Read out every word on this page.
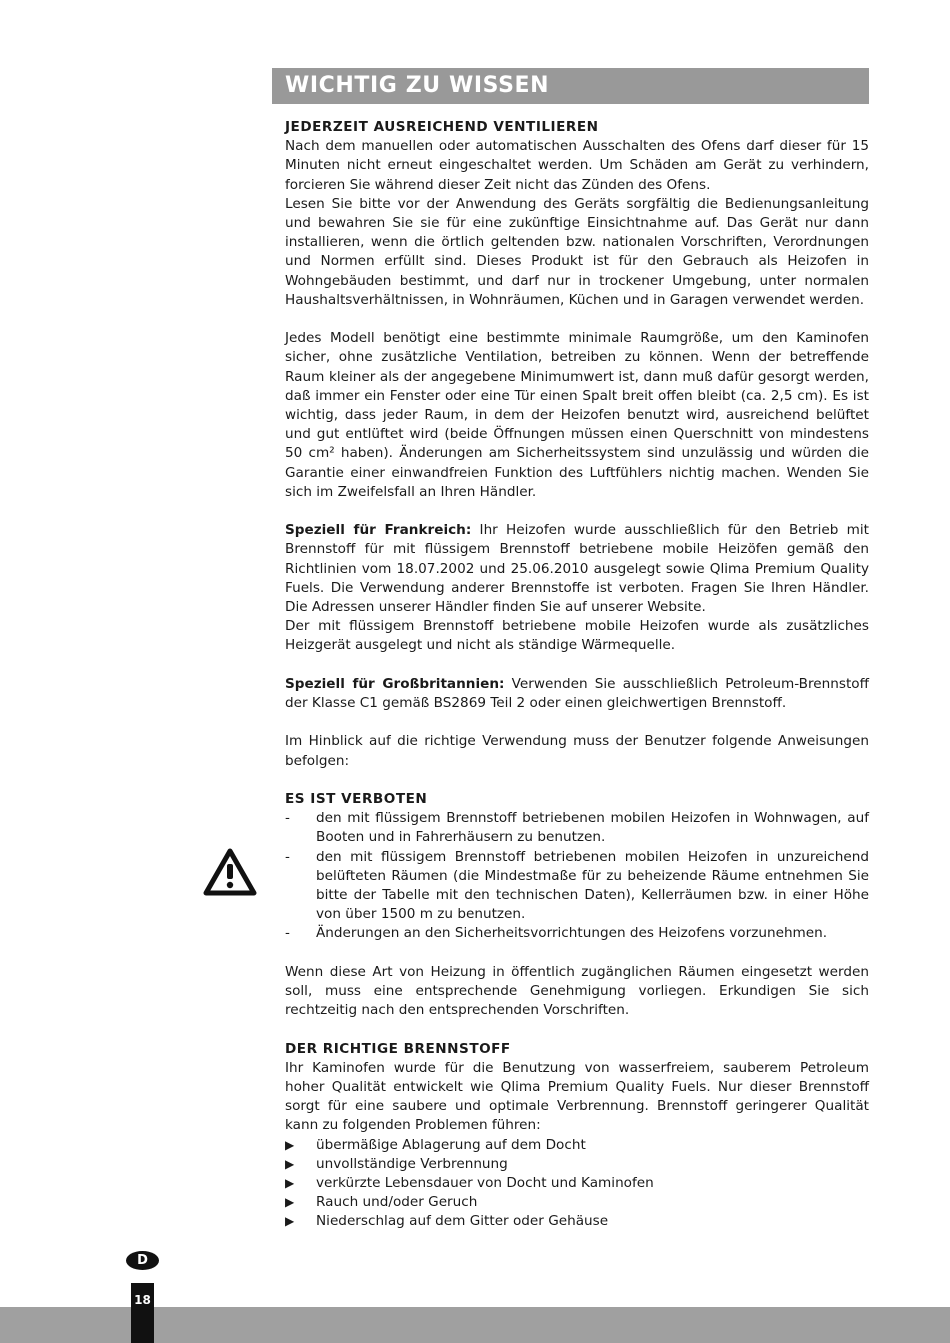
WICHTIG ZU WISSEN

JEDERZEIT AUSREICHEND VENTILIEREN

Nach dem manuellen oder automatischen Ausschalten des Ofens darf dieser für 15 Minuten nicht erneut eingeschaltet werden. Um Schäden am Gerät zu verhindern, forcieren Sie während dieser Zeit nicht das Zünden des Ofens.

Lesen Sie bitte vor der Anwendung des Geräts sorgfältig die Bedienungsanleitung und bewahren Sie sie für eine zukünftige Einsichtnahme auf. Das Gerät nur dann installieren, wenn die örtlich geltenden bzw. nationalen Vorschriften, Verordnungen und Normen erfüllt sind. Dieses Produkt ist für den Gebrauch als Heizofen in Wohngebäuden bestimmt, und darf nur in trockener Umgebung, unter normalen Haushaltsverhältnissen, in Wohnräumen, Küchen und in Garagen verwendet werden.

Jedes Modell benötigt eine bestimmte minimale Raumgröße, um den Kaminofen sicher, ohne zusätzliche Ventilation, betreiben zu können. Wenn der betreffende Raum kleiner als der angegebene Minimumwert ist, dann muß dafür gesorgt werden, daß immer ein Fenster oder eine Tür einen Spalt breit offen bleibt (ca. 2,5 cm). Es ist wichtig, dass jeder Raum, in dem der Heizofen benutzt wird, ausreichend belüftet und gut entlüftet wird (beide Öffnungen müssen einen Querschnitt von mindestens 50 cm² haben). Änderungen am Sicherheitssystem sind unzulässig und würden die Garantie einer einwandfreien Funktion des Luftfühlers nichtig machen. Wenden Sie sich im Zweifelsfall an Ihren Händler.

Speziell für Frankreich: Ihr Heizofen wurde ausschließlich für den Betrieb mit Brennstoff für mit flüssigem Brennstoff betriebene mobile Heizöfen gemäß den Richtlinien vom 18.07.2002 und 25.06.2010 ausgelegt sowie Qlima Premium Quality Fuels. Die Verwendung anderer Brennstoffe ist verboten. Fragen Sie Ihren Händler. Die Adressen unserer Händler finden Sie auf unserer Website.

Der mit flüssigem Brennstoff betriebene mobile Heizofen wurde als zusätzliches Heizgerät ausgelegt und nicht als ständige Wärmequelle.

Speziell für Großbritannien: Verwenden Sie ausschließlich Petroleum-Brennstoff der Klasse C1 gemäß BS2869 Teil 2 oder einen gleichwertigen Brennstoff.

Im Hinblick auf die richtige Verwendung muss der Benutzer folgende Anweisungen befolgen:

ES IST VERBOTEN

- den mit flüssigem Brennstoff betriebenen mobilen Heizofen in Wohnwagen, auf Booten und in Fahrerhäusern zu benutzen.
- den mit flüssigem Brennstoff betriebenen mobilen Heizofen in unzureichend belüfteten Räumen (die Mindestmaße für zu beheizende Räume entnehmen Sie bitte der Tabelle mit den technischen Daten), Kellerräumen bzw. in einer Höhe von über 1500 m zu benutzen.
- Änderungen an den Sicherheitsvorrichtungen des Heizofens vorzunehmen.

Wenn diese Art von Heizung in öffentlich zugänglichen Räumen eingesetzt werden soll, muss eine entsprechende Genehmigung vorliegen. Erkundigen Sie sich rechtzeitig nach den entsprechenden Vorschriften.

DER RICHTIGE BRENNSTOFF

Ihr Kaminofen wurde für die Benutzung von wasserfreiem, sauberem Petroleum hoher Qualität entwickelt wie Qlima Premium Quality Fuels. Nur dieser Brennstoff sorgt für eine saubere und optimale Verbrennung. Brennstoff geringerer Qualität kann zu folgenden Problemen führen:

▶ übermäßige Ablagerung auf dem Docht
▶ unvollständige Verbrennung
▶ verkürzte Lebensdauer von Docht und Kaminofen
▶ Rauch und/oder Geruch
▶ Niederschlag auf dem Gitter oder Gehäuse
D
18
